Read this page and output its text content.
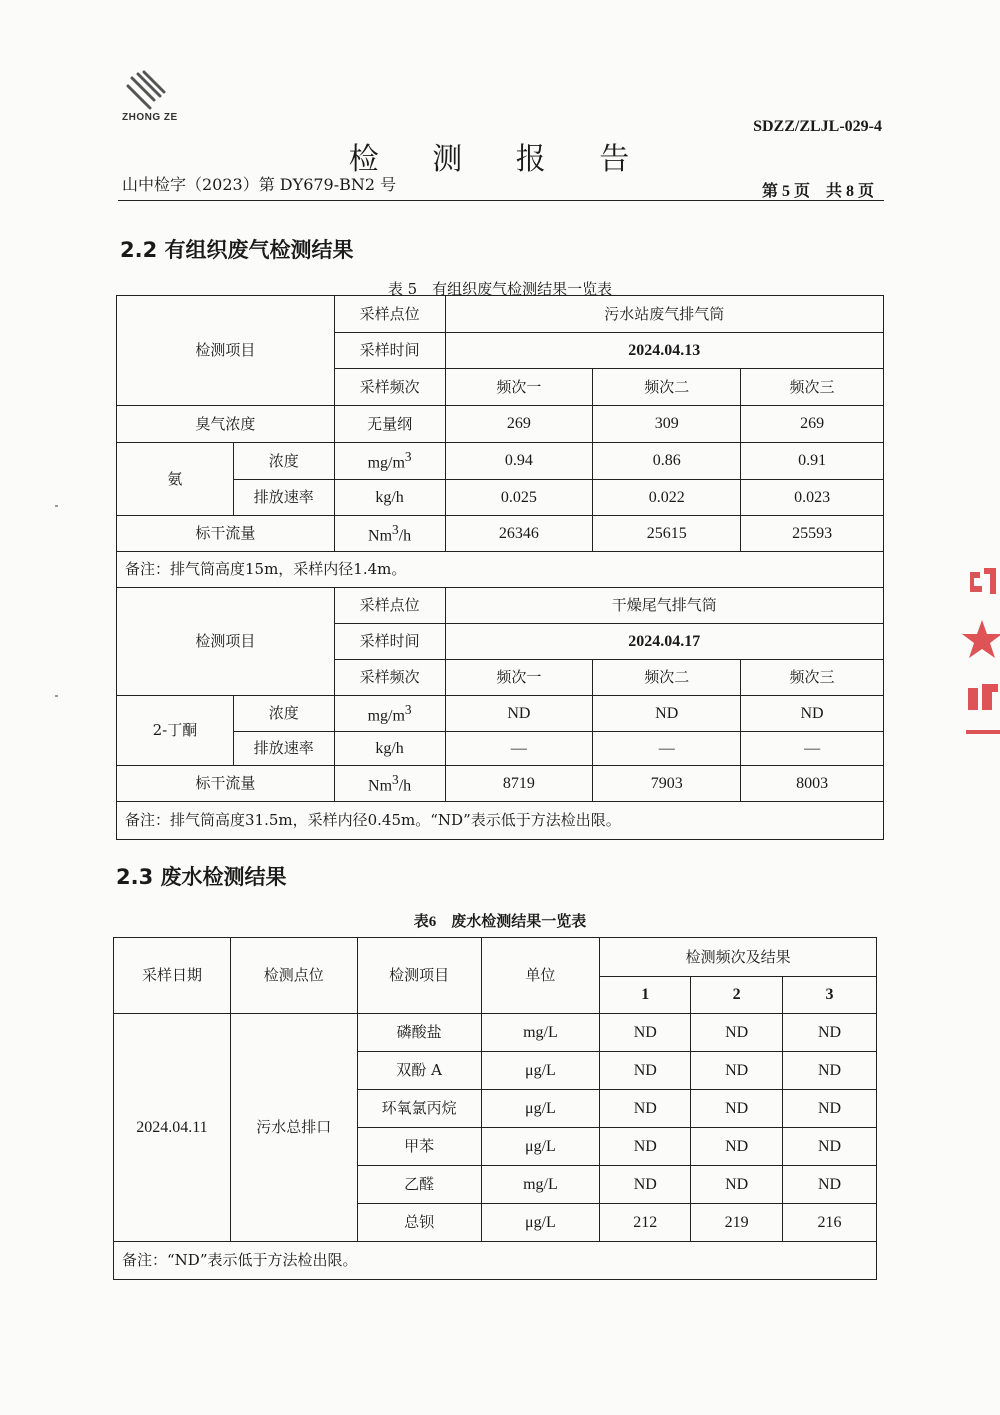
ZHONG ZE
SDZZ/ZLJL-029-4
检 测 报 告
山中检字（2023）第 DY679-BN2 号	第 5 页　共 8 页
2.2 有组织废气检测结果
表 5　有组织废气检测结果一览表
检测项目		采样点位	污水站废气排气筒		
		采样时间	2024.04.13		
		采样频次	频次一	频次二	频次三
臭气浓度		无量纲	269	309	269
氨	浓度	$mg/m^3$	0.94	0.86	0.91
	排放速率	kg/h	0.025	0.022	0.023
标干流量		Nm$^3$/h	26346	25615	25593
备注：排气筒高度15m，采样内径1.4m。					
检测项目		采样点位	干燥尾气排气筒		
		采样时间	2024.04.17		
		采样频次	频次一	频次二	频次三
2-丁酮	浓度	$mg/m^3$	ND	ND	ND
	排放速率	kg/h	—	—	—
标干流量		Nm$^3$/h	8719	7903	8003
备注：排气筒高度31.5m，采样内径0.45m。“ND”表示低于方法检出限。					
2.3 废水检测结果
表6　废水检测结果一览表
采样日期	检测点位	检测项目	单位	检测频次及结果		
				1	2	3
2024.04.11	污水总排口	磷酸盐	mg/L	ND	ND	ND
		双酚 A	μg/L	ND	ND	ND
		环氧氯丙烷	μg/L	ND	ND	ND
		甲苯	μg/L	ND	ND	ND
		乙醛	mg/L	ND	ND	ND
		总钡	μg/L	212	219	216
备注：“ND”表示低于方法检出限。						
